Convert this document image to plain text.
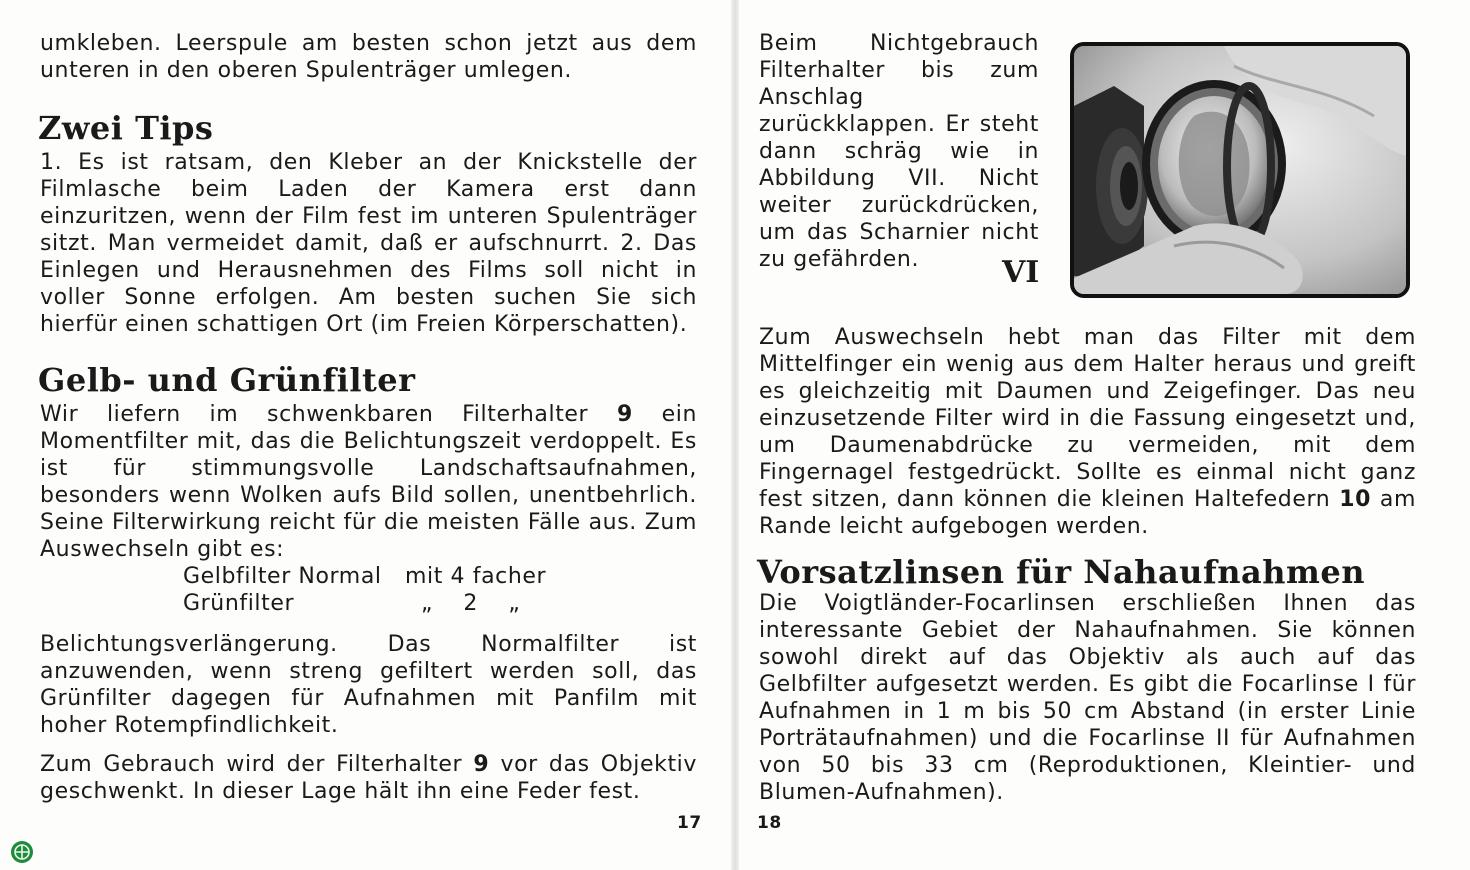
umkleben. Leerspule am besten schon jetzt aus dem unteren in den oberen Spulenträger umlegen.

Zwei Tips

1. Es ist ratsam, den Kleber an der Knickstelle der Filmlasche beim Laden der Kamera erst dann einzuritzen, wenn der Film fest im unteren Spulenträger sitzt. Man vermeidet damit, daß er aufschnurrt. 2. Das Einlegen und Herausnehmen des Films soll nicht in voller Sonne erfolgen. Am besten suchen Sie sich hierfür einen schattigen Ort (im Freien Körperschatten).

Gelb- und Grünfilter

Wir liefern im schwenkbaren Filterhalter 9 ein Momentfilter mit, das die Belichtungszeit verdoppelt. Es ist für stimmungsvolle Landschaftsaufnahmen, besonders wenn Wolken aufs Bild sollen, unentbehrlich. Seine Filterwirkung reicht für die meisten Fälle aus. Zum Auswechseln gibt es:

Gelbfilter Normal mit 4 facher
Grünfilter	„ 2 „

Belichtungsverlängerung. Das Normalfilter ist anzuwenden, wenn streng gefiltert werden soll, das Grünfilter dagegen für Aufnahmen mit Panfilm mit hoher Rotempfindlichkeit.

Zum Gebrauch wird der Filterhalter 9 vor das Objektiv geschwenkt. In dieser Lage hält ihn eine Feder fest.

17

Beim Nichtgebrauch Filterhalter bis zum Anschlag zurückklappen. Er steht dann schräg wie in Abbildung VII. Nicht weiter zurückdrücken, um das Scharnier nicht zu gefährden.	VI

Zum Auswechseln hebt man das Filter mit dem Mittelfinger ein wenig aus dem Halter heraus und greift es gleichzeitig mit Daumen und Zeigefinger. Das neu einzusetzende Filter wird in die Fassung eingesetzt und, um Daumenabdrücke zu vermeiden, mit dem Fingernagel festgedrückt. Sollte es einmal nicht ganz fest sitzen, dann können die kleinen Haltefedern 10 am Rande leicht aufgebogen werden.

Vorsatzlinsen für Nahaufnahmen

Die Voigtländer-Focarlinsen erschließen Ihnen das interessante Gebiet der Nahaufnahmen. Sie können sowohl direkt auf das Objektiv als auch auf das Gelbfilter aufgesetzt werden. Es gibt die Focarlinse I für Aufnahmen in 1 m bis 50 cm Abstand (in erster Linie Porträtaufnahmen) und die Focarlinse II für Aufnahmen von 50 bis 33 cm (Reproduktionen, Kleintier- und Blumen-Aufnahmen).

18
